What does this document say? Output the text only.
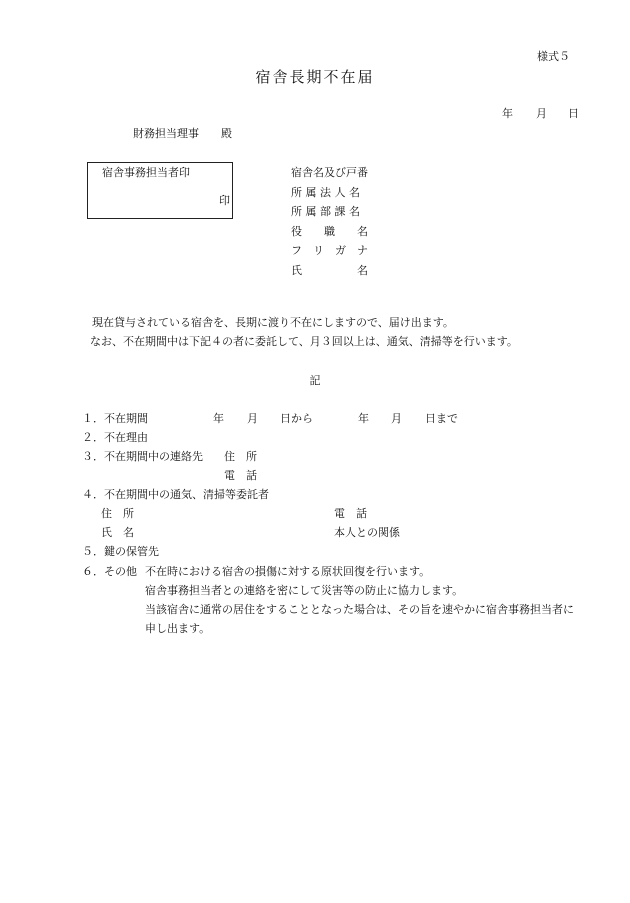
様式５
宿舎長期不在届
年 月 日
財務担当理事　　殿
宿舎事務担当者印
印
宿舎名及び戸番
所 属 法 人 名
所 属 部 課 名
役　　職　　名
フ　リ　ガ　ナ
氏　　　　　名
現在貸与されている宿舎を、長期に渡り不在にしますので、届け出ます。
なお、不在期間中は下記４の者に委託して、月３回以上は、通気、清掃等を行います。
記
１．不在期間	年 月 日から	年 月 日まで
２．不在理由
３．不在期間中の連絡先 住　所
電　話
４．不在期間中の通気、清掃等委託者
住　所	電　話
氏　名	本人との関係
５．鍵の保管先
６．その他 不在時における宿舎の損傷に対する原状回復を行います。
宿舎事務担当者との連絡を密にして災害等の防止に協力します。
当該宿舎に通常の居住をすることとなった場合は、その旨を速やかに宿舎事務担当者に
申し出ます。
